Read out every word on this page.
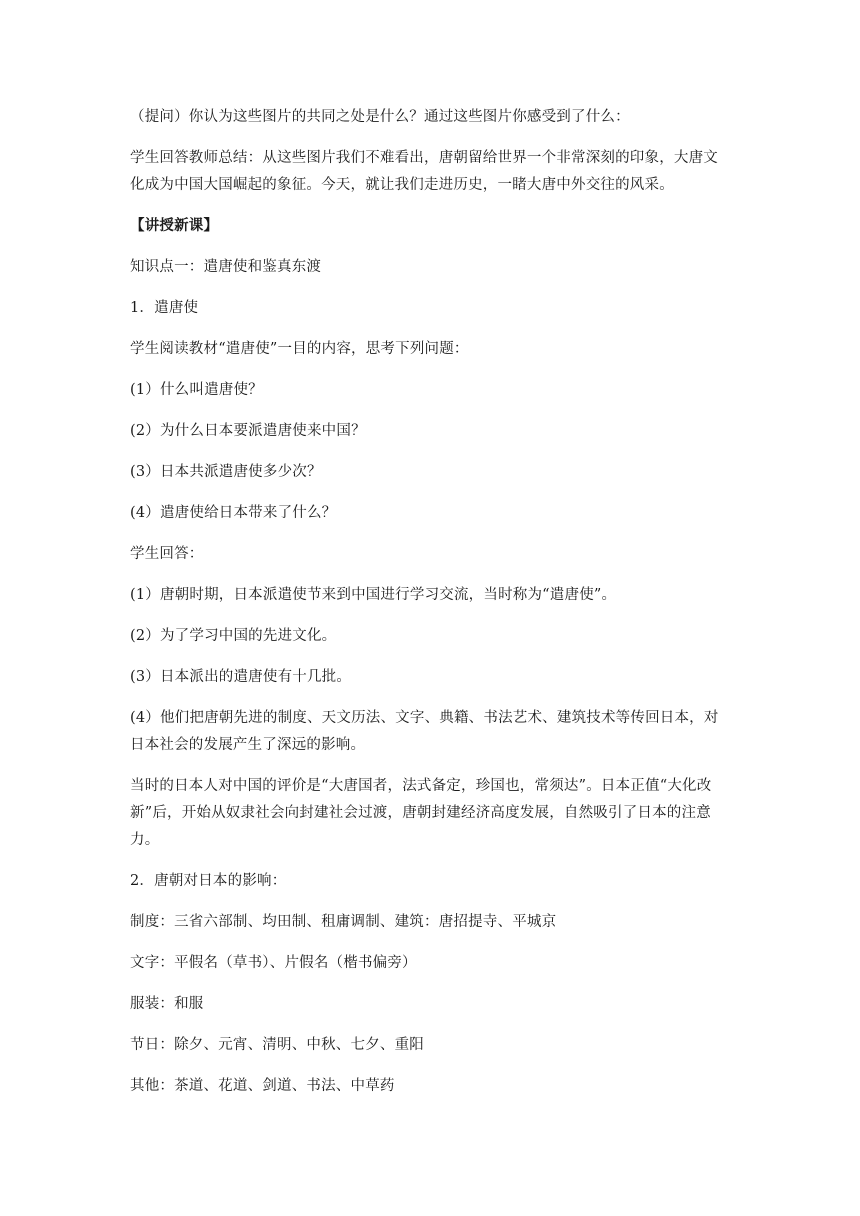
（提问）你认为这些图片的共同之处是什么？通过这些图片你感受到了什么：

学生回答教师总结：从这些图片我们不难看出，唐朝留给世界一个非常深刻的印象，大唐文化成为中国大国崛起的象征。今天，就让我们走进历史，一睹大唐中外交往的风采。

【讲授新课】

知识点一：遣唐使和鉴真东渡

1．遣唐使

学生阅读教材“遣唐使”一目的内容，思考下列问题：

(1）什么叫遣唐使？

(2）为什么日本要派遣唐使来中国？

(3）日本共派遣唐使多少次？

(4）遣唐使给日本带来了什么？

学生回答：

(1）唐朝时期，日本派遣使节来到中国进行学习交流，当时称为“遣唐使”。

(2）为了学习中国的先进文化。

(3）日本派出的遣唐使有十几批。

(4）他们把唐朝先进的制度、天文历法、文字、典籍、书法艺术、建筑技术等传回日本，对日本社会的发展产生了深远的影响。

当时的日本人对中国的评价是“大唐国者，法式备定，珍国也，常须达”。日本正值“大化改新”后，开始从奴隶社会向封建社会过渡，唐朝封建经济高度发展，自然吸引了日本的注意力。

2．唐朝对日本的影响：

制度：三省六部制、均田制、租庸调制、建筑：唐招提寺、平城京

文字：平假名（草书）、片假名（楷书偏旁）

服装：和服

节日：除夕、元宵、清明、中秋、七夕、重阳

其他：茶道、花道、剑道、书法、中草药
